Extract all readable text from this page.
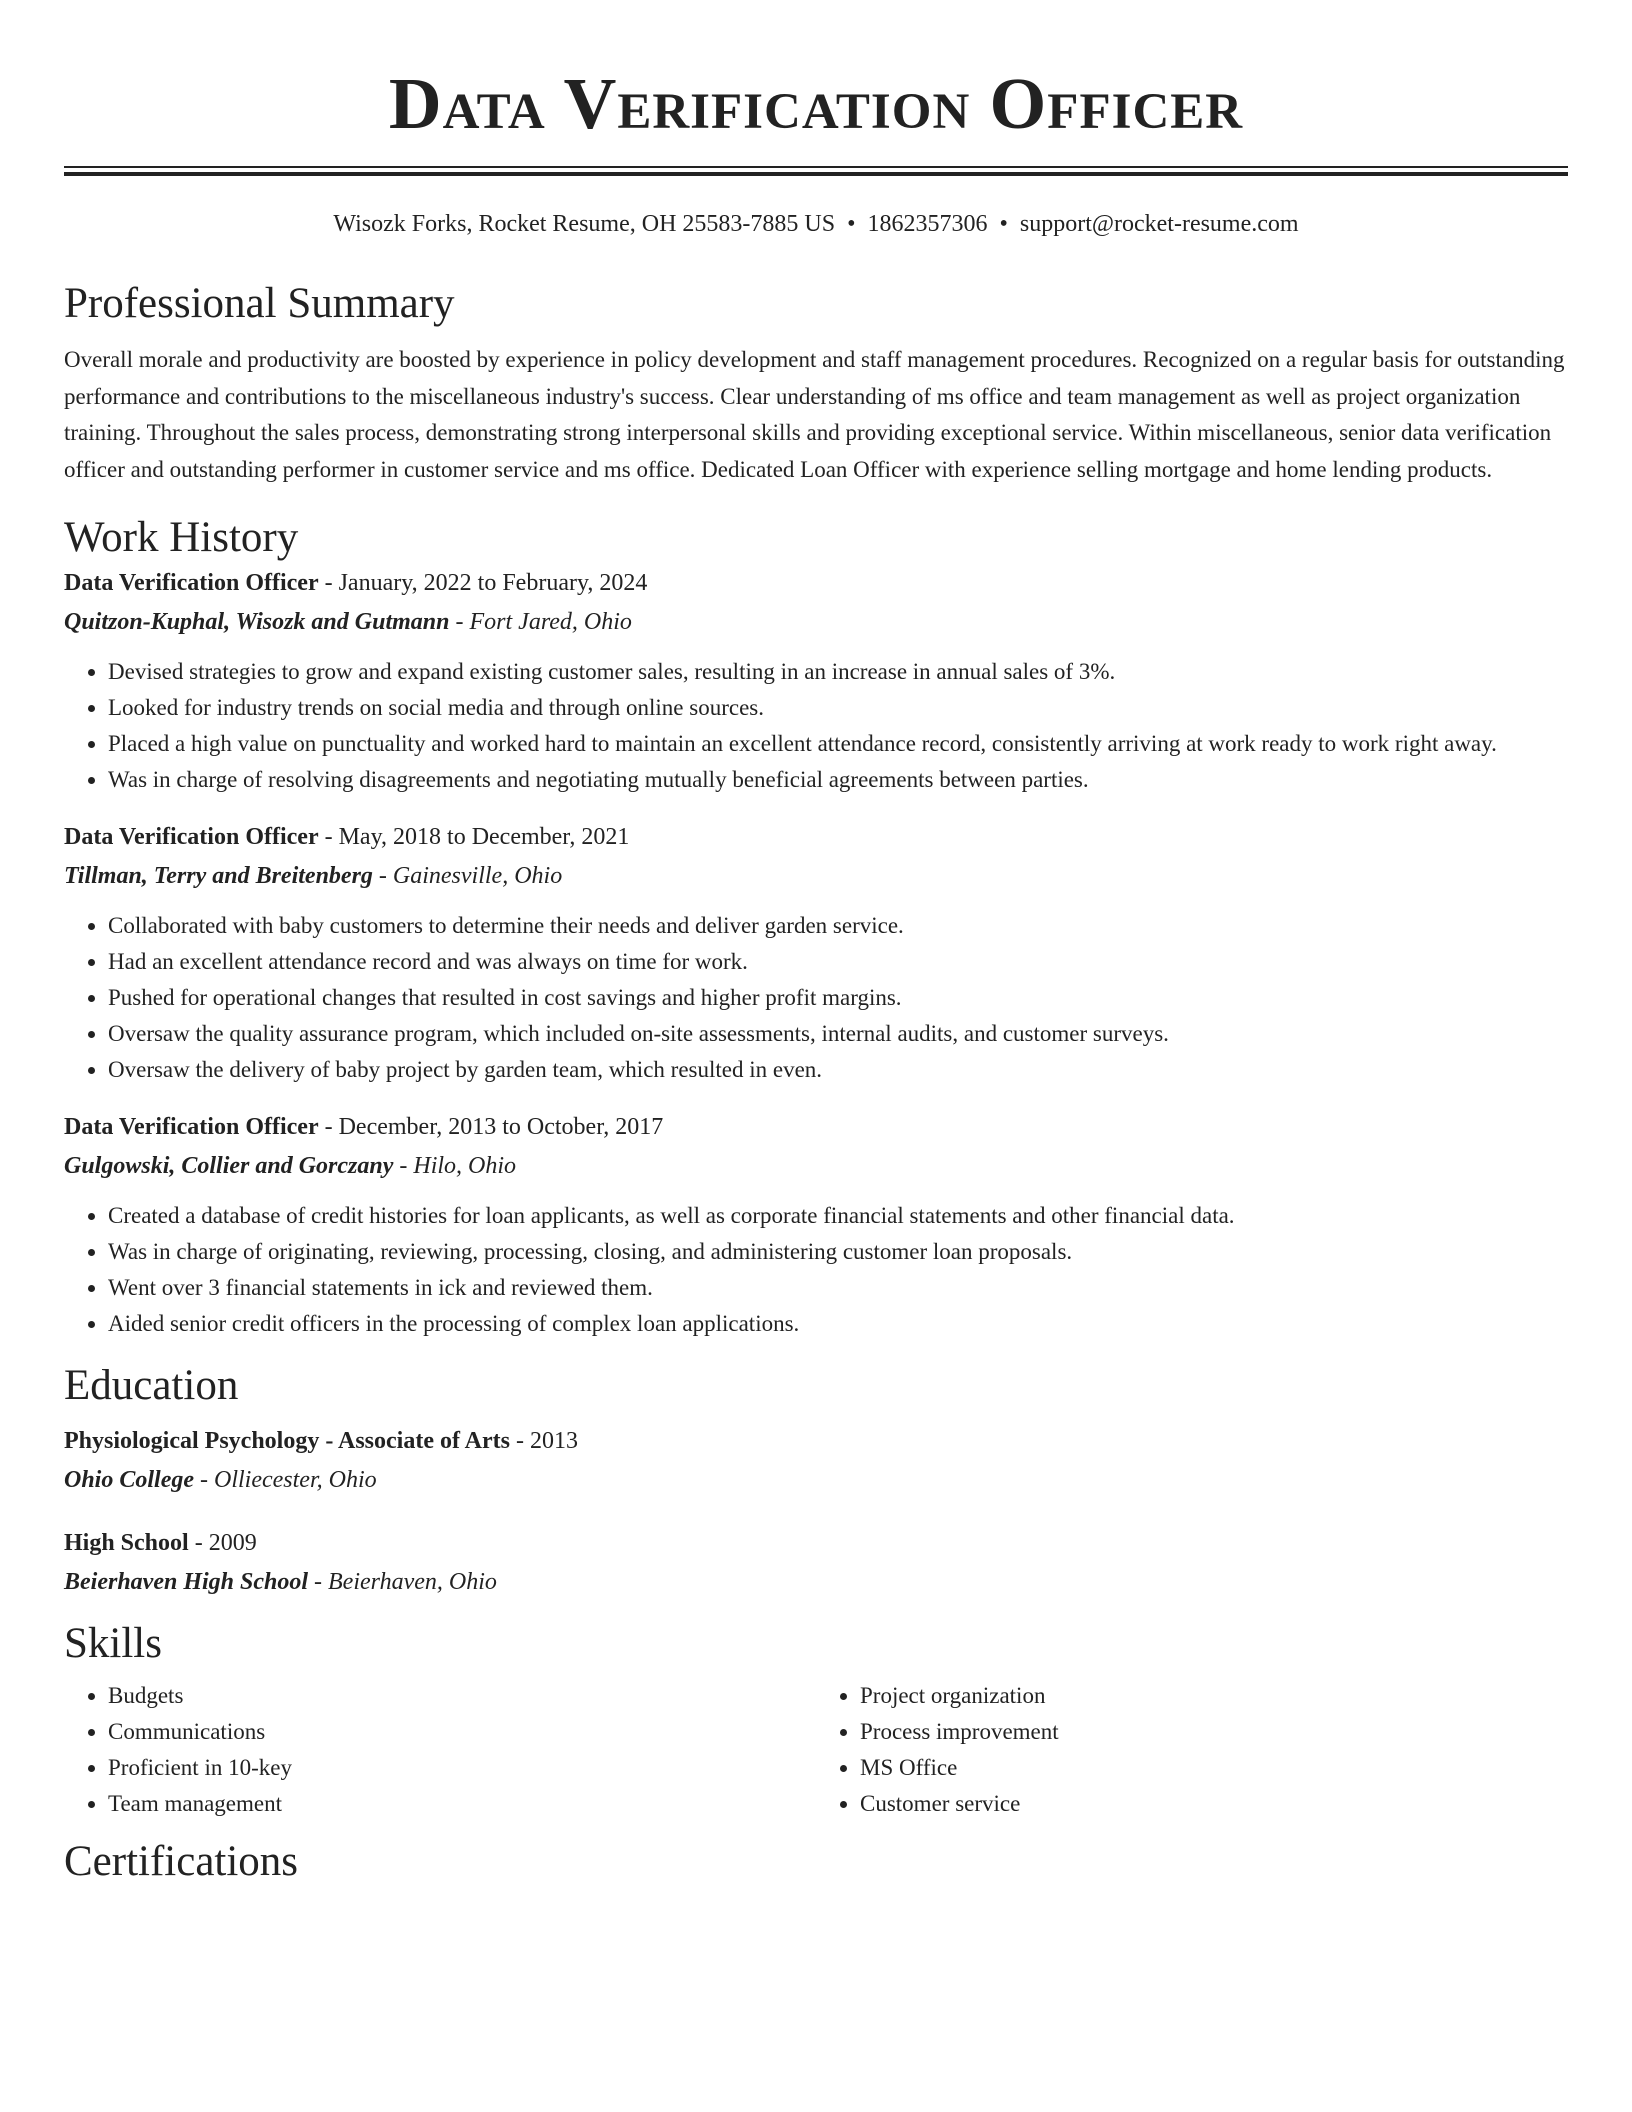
Data Verification Officer
Wisozk Forks, Rocket Resume, OH 25583-7885 US • 1862357306 • support@rocket-resume.com
Professional Summary

Overall morale and productivity are boosted by experience in policy development and staff management procedures. Recognized on a regular basis for outstanding performance and contributions to the miscellaneous industry's success. Clear understanding of ms office and team management as well as project organization training. Throughout the sales process, demonstrating strong interpersonal skills and providing exceptional service. Within miscellaneous, senior data verification officer and outstanding performer in customer service and ms office. Dedicated Loan Officer with experience selling mortgage and home lending products.

Work History
Data Verification Officer - January, 2022 to February, 2024
Quitzon-Kuphal, Wisozk and Gutmann - Fort Jared, Ohio
• Devised strategies to grow and expand existing customer sales, resulting in an increase in annual sales of 3%.
• Looked for industry trends on social media and through online sources.
• Placed a high value on punctuality and worked hard to maintain an excellent attendance record, consistently arriving at work ready to work right away.
• Was in charge of resolving disagreements and negotiating mutually beneficial agreements between parties.
Data Verification Officer - May, 2018 to December, 2021
Tillman, Terry and Breitenberg - Gainesville, Ohio
• Collaborated with baby customers to determine their needs and deliver garden service.
• Had an excellent attendance record and was always on time for work.
• Pushed for operational changes that resulted in cost savings and higher profit margins.
• Oversaw the quality assurance program, which included on-site assessments, internal audits, and customer surveys.
• Oversaw the delivery of baby project by garden team, which resulted in even.
Data Verification Officer - December, 2013 to October, 2017
Gulgowski, Collier and Gorczany - Hilo, Ohio
• Created a database of credit histories for loan applicants, as well as corporate financial statements and other financial data.
• Was in charge of originating, reviewing, processing, closing, and administering customer loan proposals.
• Went over 3 financial statements in ick and reviewed them.
• Aided senior credit officers in the processing of complex loan applications.
Education
Physiological Psychology - Associate of Arts - 2013
Ohio College - Olliecester, Ohio
High School - 2009
Beierhaven High School - Beierhaven, Ohio
Skills
• Budgets
• Communications
• Proficient in 10-key
• Team management
• Project organization
• Process improvement
• MS Office
• Customer service
Certifications
